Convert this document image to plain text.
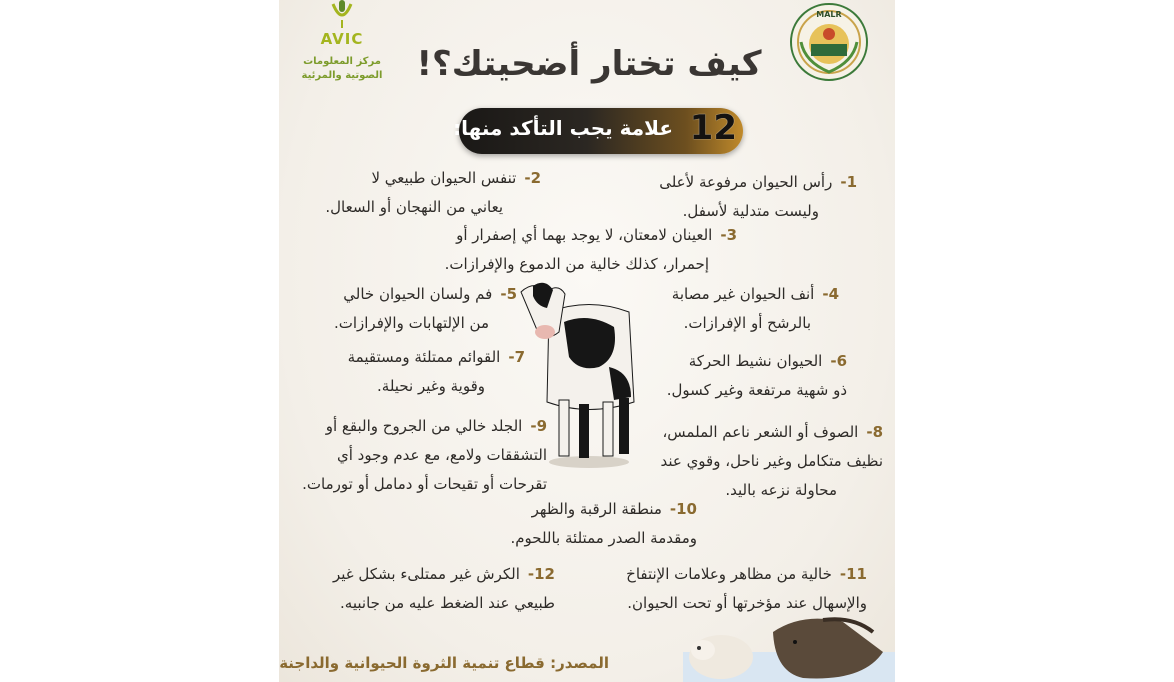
MALR
AVIC
مركز المعلومات
الصوتية والمرئية كيف تختار أضحيتك؟!
علامة يجب التأكد منها: 12
1-رأس الحيوان مرفوعة لأعلى
وليست متدلية لأسفل.
2-تنفس الحيوان طبيعي لا
يعاني من النهجان أو السعال.
3-العينان لامعتان، لا يوجد بهما أي إصفرار أو
إحمرار، كذلك خالية من الدموع والإفرازات.
4-أنف الحيوان غير مصابة
بالرشح أو الإفرازات.
5-فم ولسان الحيوان خالي
من الإلتهابات والإفرازات.
6-الحيوان نشيط الحركة
ذو شهية مرتفعة وغير كسول.
7-القوائم ممتلئة ومستقيمة
وقوية وغير نحيلة.
8-الصوف أو الشعر ناعم الملمس،
نظيف متكامل وغير ناحل، وقوي عند
محاولة نزعه باليد.
9-الجلد خالي من الجروح والبقع أو
التشققات ولامع، مع عدم وجود أي
تقرحات أو تقيحات أو دمامل أو تورمات.
10-منطقة الرقبة والظهر
ومقدمة الصدر ممتلئة باللحوم.
11-خالية من مظاهر وعلامات الإنتفاخ
والإسهال عند مؤخرتها أو تحت الحيوان.
12-الكرش غير ممتلىء بشكل غير
طبيعي عند الضغط عليه من جانبيه.
المصدر: قطاع تنمية الثروة الحيوانية والداجنة
